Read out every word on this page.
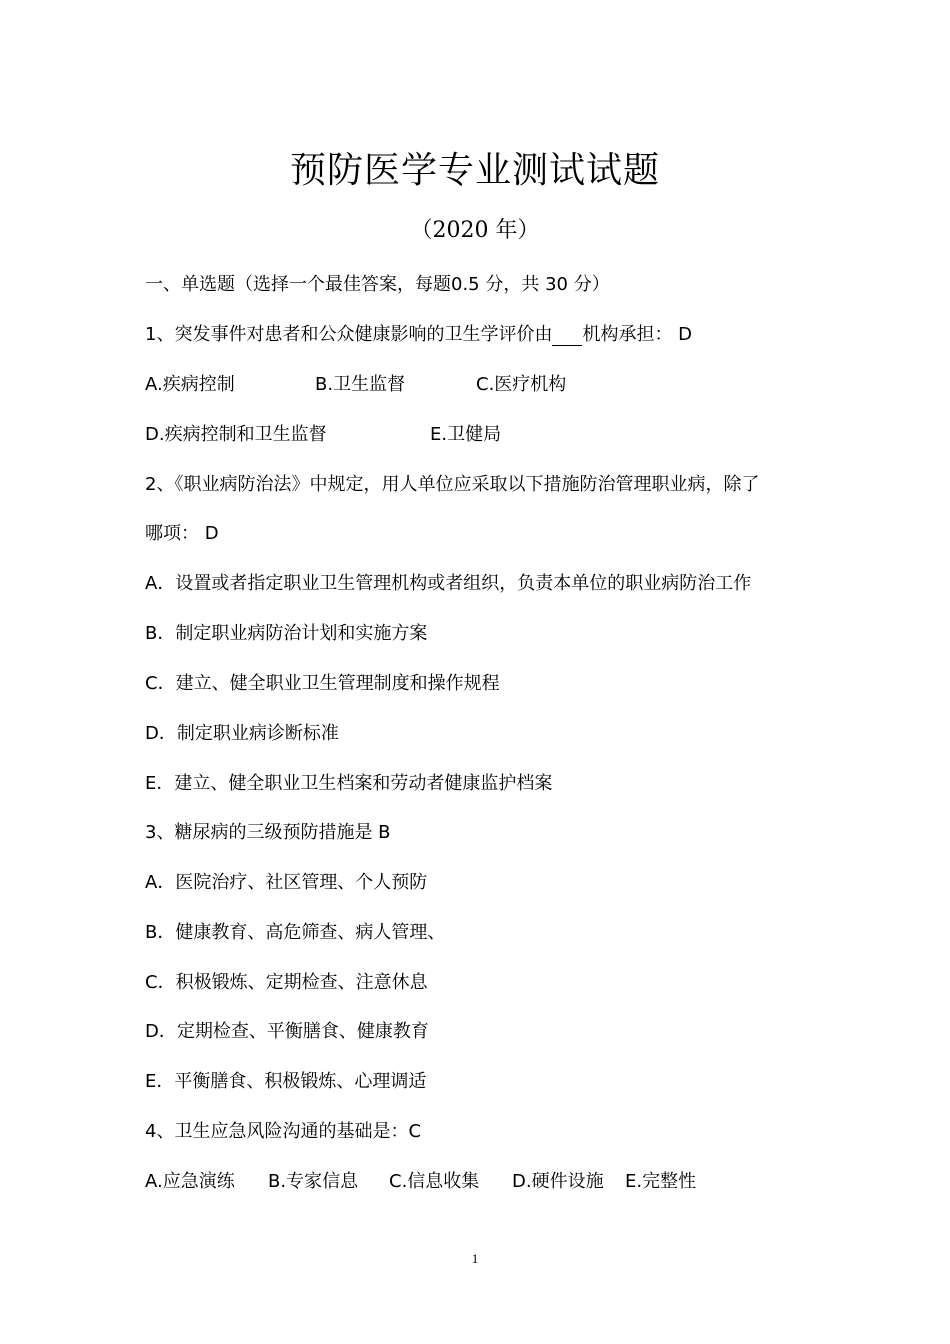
预防医学专业测试试题
（2020 年）
一、单选题（选择一个最佳答案，每题0.5 分，共 30 分）
1、突发事件对患者和公众健康影响的卫生学评价由 机构承担： D
A.疾病控制	B.卫生监督	C.医疗机构
D.疾病控制和卫生监督	E.卫健局
2、《职业病防治法》中规定，用人单位应采取以下措施防治管理职业病，除了
哪项： D
A．设置或者指定职业卫生管理机构或者组织，负责本单位的职业病防治工作
B．制定职业病防治计划和实施方案
C．建立、健全职业卫生管理制度和操作规程
D．制定职业病诊断标准
E．建立、健全职业卫生档案和劳动者健康监护档案
3、糖尿病的三级预防措施是 B
A．医院治疗、社区管理、个人预防
B．健康教育、高危筛查、病人管理、
C．积极锻炼、定期检查、注意休息
D．定期检查、平衡膳食、健康教育
E．平衡膳食、积极锻炼、心理调适
4、卫生应急风险沟通的基础是：C
A.应急演练 B.专家信息 C.信息收集 D.硬件设施 E.完整性
1
